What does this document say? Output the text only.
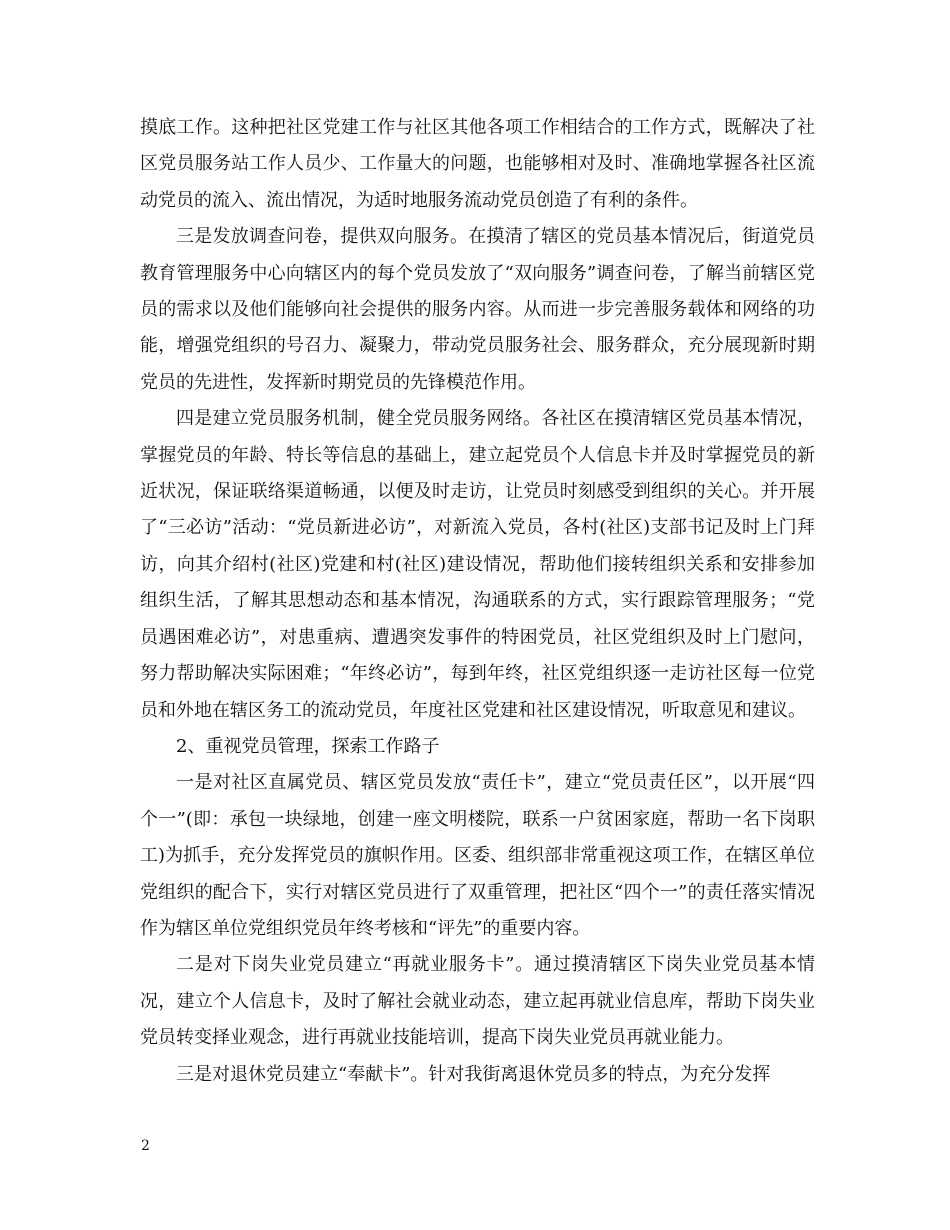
摸底工作。这种把社区党建工作与社区其他各项工作相结合的工作方式，既解决了社区党员服务站工作人员少、工作量大的问题，也能够相对及时、准确地掌握各社区流动党员的流入、流出情况，为适时地服务流动党员创造了有利的条件。

三是发放调查问卷，提供双向服务。在摸清了辖区的党员基本情况后，街道党员教育管理服务中心向辖区内的每个党员发放了“双向服务”调查问卷，了解当前辖区党员的需求以及他们能够向社会提供的服务内容。从而进一步完善服务载体和网络的功能，增强党组织的号召力、凝聚力，带动党员服务社会、服务群众，充分展现新时期党员的先进性，发挥新时期党员的先锋模范作用。

四是建立党员服务机制，健全党员服务网络。各社区在摸清辖区党员基本情况，掌握党员的年龄、特长等信息的基础上，建立起党员个人信息卡并及时掌握党员的新近状况，保证联络渠道畅通，以便及时走访，让党员时刻感受到组织的关心。并开展了“三必访”活动：“党员新进必访”，对新流入党员，各村(社区)支部书记及时上门拜访，向其介绍村(社区)党建和村(社区)建设情况，帮助他们接转组织关系和安排参加组织生活，了解其思想动态和基本情况，沟通联系的方式，实行跟踪管理服务；“党员遇困难必访”，对患重病、遭遇突发事件的特困党员，社区党组织及时上门慰问，努力帮助解决实际困难；“年终必访”，每到年终，社区党组织逐一走访社区每一位党员和外地在辖区务工的流动党员，年度社区党建和社区建设情况，听取意见和建议。

2、重视党员管理，探索工作路子

一是对社区直属党员、辖区党员发放“责任卡”，建立“党员责任区”，以开展“四个一”(即：承包一块绿地，创建一座文明楼院，联系一户贫困家庭，帮助一名下岗职工)为抓手，充分发挥党员的旗帜作用。区委、组织部非常重视这项工作，在辖区单位党组织的配合下，实行对辖区党员进行了双重管理，把社区“四个一”的责任落实情况作为辖区单位党组织党员年终考核和“评先”的重要内容。

二是对下岗失业党员建立“再就业服务卡”。通过摸清辖区下岗失业党员基本情况，建立个人信息卡，及时了解社会就业动态，建立起再就业信息库，帮助下岗失业党员转变择业观念，进行再就业技能培训，提高下岗失业党员再就业能力。

三是对退休党员建立“奉献卡”。针对我街离退休党员多的特点，为充分发挥

2
